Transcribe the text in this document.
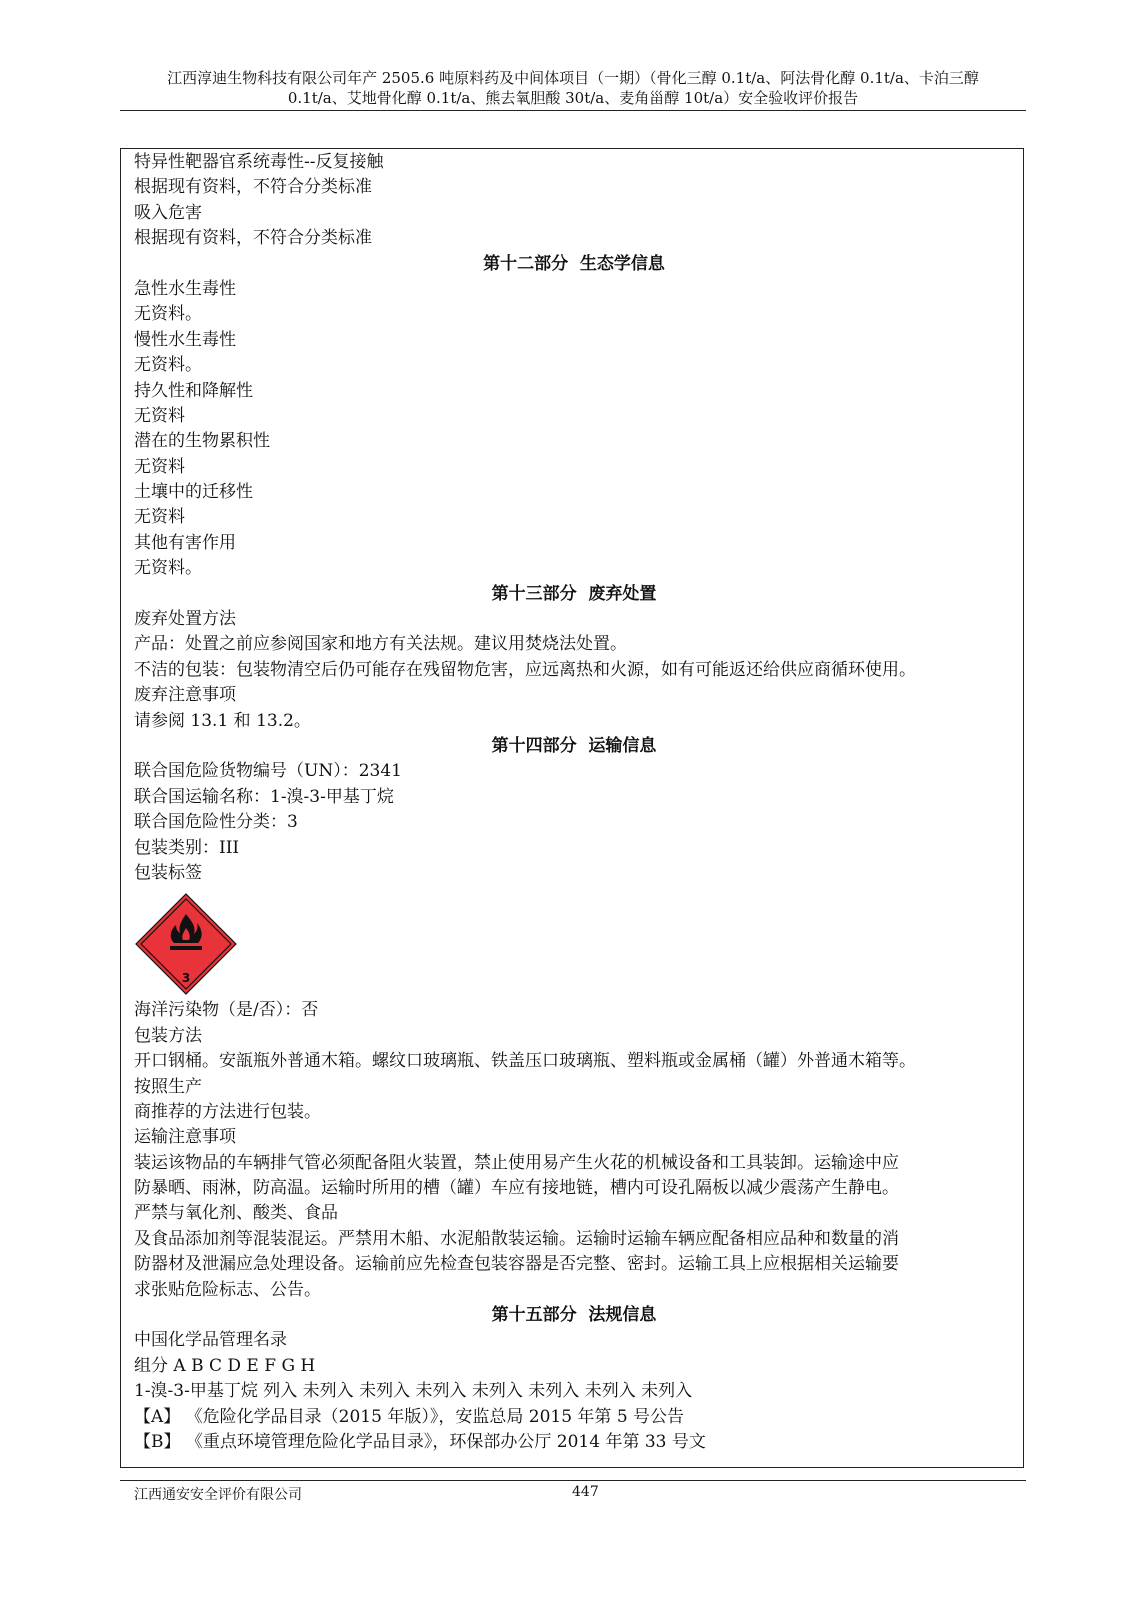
江西淳迪生物科技有限公司年产 2505.6 吨原料药及中间体项目（一期）（骨化三醇 0.1t/a、阿法骨化醇 0.1t/a、卡泊三醇
0.1t/a、艾地骨化醇 0.1t/a、熊去氧胆酸 30t/a、麦角甾醇 10t/a）安全验收评价报告
特异性靶器官系统毒性--反复接触
根据现有资料，不符合分类标准
吸入危害
根据现有资料，不符合分类标准
第十二部分  生态学信息
急性水生毒性
无资料。
慢性水生毒性
无资料。
持久性和降解性
无资料
潜在的生物累积性
无资料
土壤中的迁移性
无资料
其他有害作用
无资料。
第十三部分  废弃处置
废弃处置方法
产品：处置之前应参阅国家和地方有关法规。建议用焚烧法处置。
不洁的包装：包装物清空后仍可能存在残留物危害，应远离热和火源，如有可能返还给供应商循环使用。
废弃注意事项
请参阅 13.1 和 13.2。
第十四部分  运输信息
联合国危险货物编号（UN）：2341
联合国运输名称：1-溴-3-甲基丁烷
联合国危险性分类：3
包装类别：III
包装标签
3
海洋污染物（是/否）：否
包装方法
开口钢桶。安瓿瓶外普通木箱。螺纹口玻璃瓶、铁盖压口玻璃瓶、塑料瓶或金属桶（罐）外普通木箱等。
按照生产
商推荐的方法进行包装。
运输注意事项
装运该物品的车辆排气管必须配备阻火装置，禁止使用易产生火花的机械设备和工具装卸。运输途中应
防暴晒、雨淋，防高温。运输时所用的槽（罐）车应有接地链，槽内可设孔隔板以减少震荡产生静电。
严禁与氧化剂、酸类、食品
及食品添加剂等混装混运。严禁用木船、水泥船散装运输。运输时运输车辆应配备相应品种和数量的消
防器材及泄漏应急处理设备。运输前应先检查包装容器是否完整、密封。运输工具上应根据相关运输要
求张贴危险标志、公告。
第十五部分  法规信息
中国化学品管理名录
组分 A B C D E F G H
1-溴-3-甲基丁烷 列入 未列入 未列入 未列入 未列入 未列入 未列入 未列入
【A】 《危险化学品目录（2015 年版）》，安监总局 2015 年第 5 号公告
【B】 《重点环境管理危险化学品目录》，环保部办公厅 2014 年第 33 号文
江西通安安全评价有限公司	447
